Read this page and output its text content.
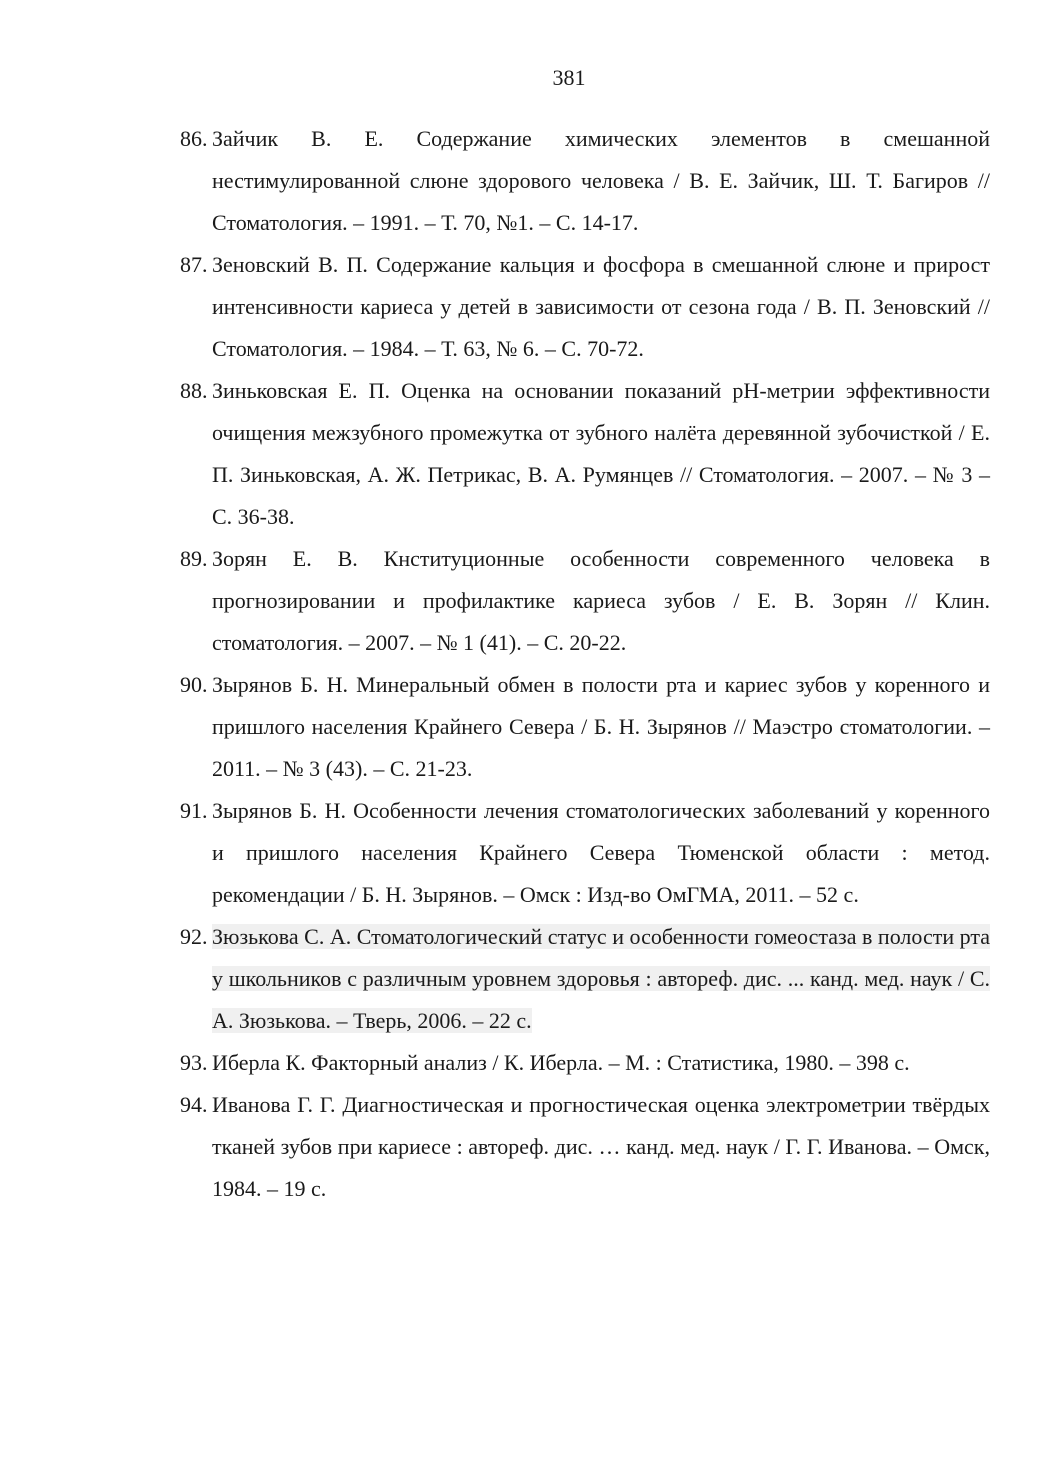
381
86. Зайчик В. Е. Содержание химических элементов в смешанной нестимулированной слюне здорового человека / В. Е. Зайчик, Ш. Т. Багиров // Стоматология. – 1991. – Т. 70, №1. – С. 14-17.
87. Зеновский В. П. Содержание кальция и фосфора в смешанной слюне и прирост интенсивности кариеса у детей в зависимости от сезона года / В. П. Зеновский // Стоматология. – 1984. – Т. 63, № 6. – С. 70-72.
88. Зиньковская Е. П. Оценка на основании показаний pH-метрии эффективности очищения межзубного промежутка от зубного налёта деревянной зубочисткой / Е. П. Зиньковская, А. Ж. Петрикас, В. А. Румянцев // Стоматология. – 2007. – № 3 – С. 36-38.
89. Зорян Е. В. Кнституционные особенности современного человека в прогнозировании и профилактике кариеса зубов / Е. В. Зорян // Клин. стоматология. – 2007. – № 1 (41). – С. 20-22.
90. Зырянов Б. Н. Минеральный обмен в полости рта и кариес зубов у коренного и пришлого населения Крайнего Севера / Б. Н. Зырянов // Маэстро стоматологии. – 2011. – № 3 (43). – С. 21-23.
91. Зырянов Б. Н. Особенности лечения стоматологических заболеваний у коренного и пришлого населения Крайнего Севера Тюменской области : метод. рекомендации / Б. Н. Зырянов. – Омск : Изд-во ОмГМА, 2011. – 52 с.
92. Зюзькова С. А. Стоматологический статус и особенности гомеостаза в полости рта у школьников с различным уровнем здоровья : автореф. дис. ... канд. мед. наук / С. А. Зюзькова. – Тверь, 2006. – 22 с.
93. Иберла К. Факторный анализ / К. Иберла. – М. : Статистика, 1980. – 398 с.
94. Иванова Г. Г. Диагностическая и прогностическая оценка электрометрии твёрдых тканей зубов при кариесе : автореф. дис. … канд. мед. наук / Г. Г. Иванова. – Омск, 1984. – 19 с.
